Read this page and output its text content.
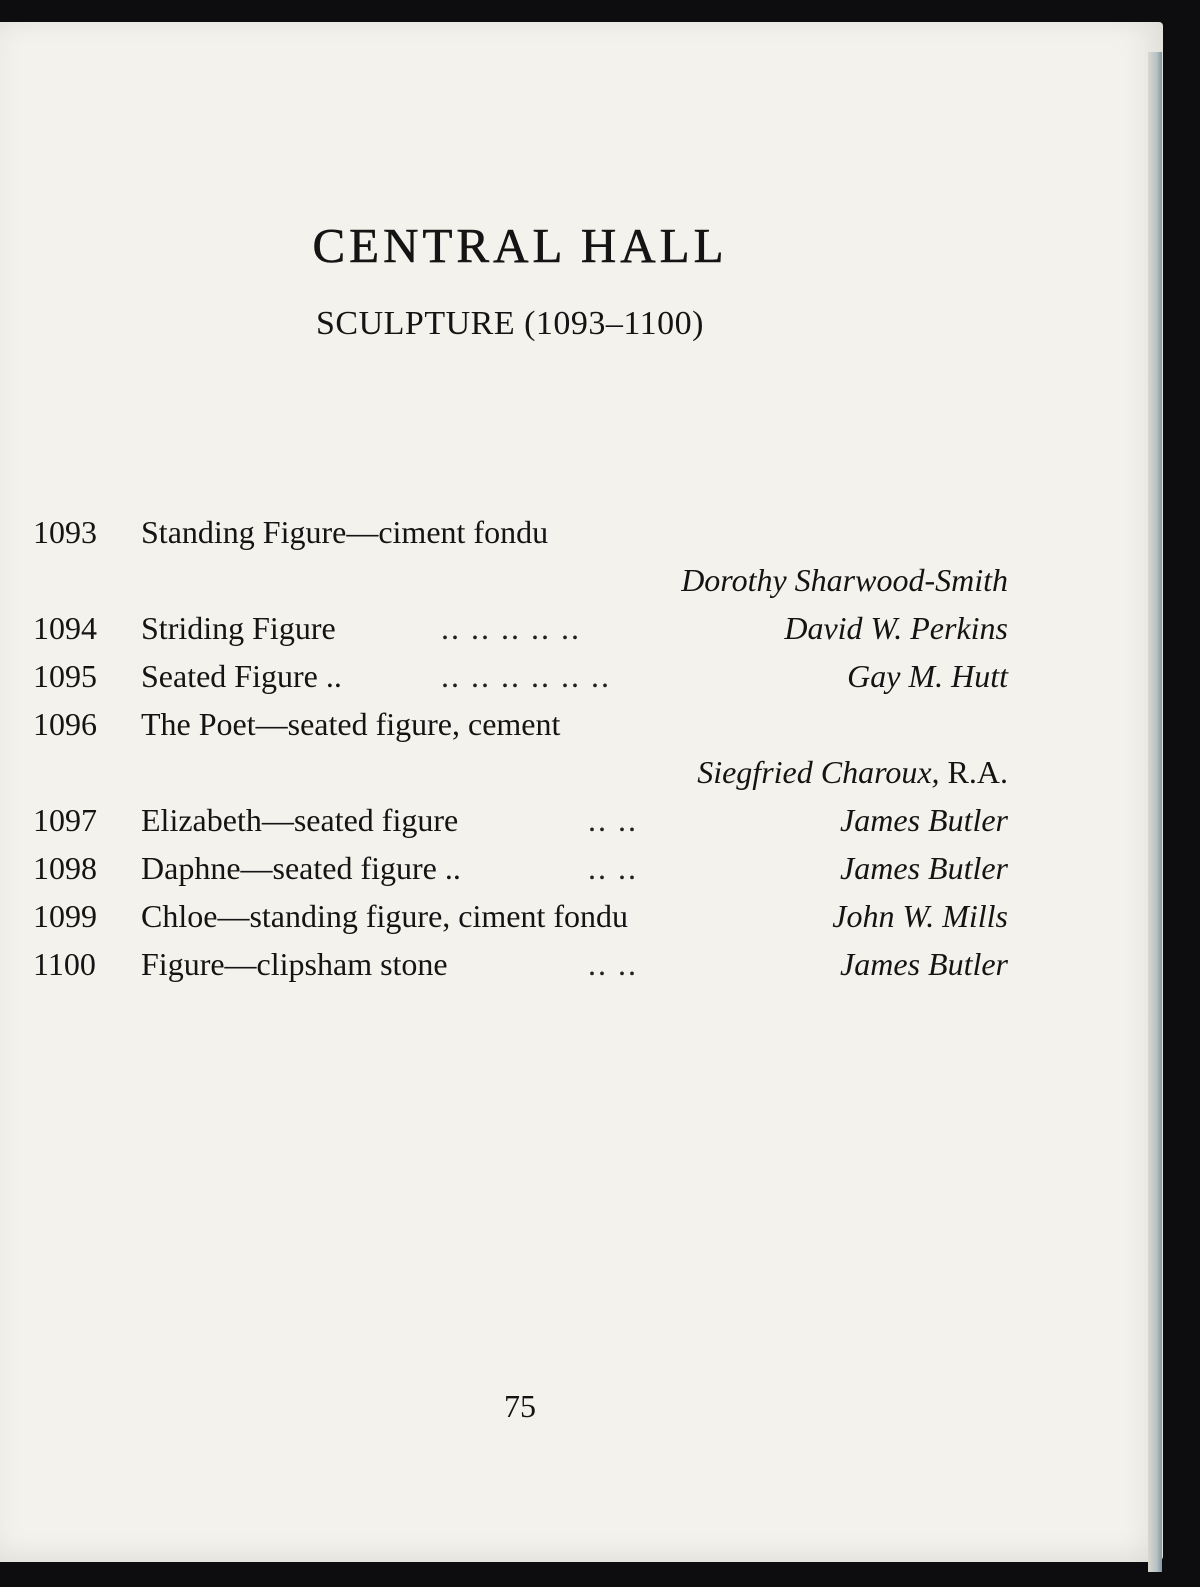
CENTRAL HALL
SCULPTURE (1093–1100)
1093 Standing Figure—ciment fondu
Dorothy Sharwood-Smith
1094 Striding Figure	.. .. .. .. ..	David W. Perkins
1095 Seated Figure ..	.. .. .. .. .. ..	Gay M. Hutt
1096 The Poet—seated figure, cement
Siegfried Charoux, R.A.
1097 Elizabeth—seated figure	.. ..	James Butler
1098 Daphne—seated figure ..	.. ..	James Butler
1099 Chloe—standing figure, ciment fondu	John W. Mills
1100 Figure—clipsham stone	.. ..	James Butler
75
